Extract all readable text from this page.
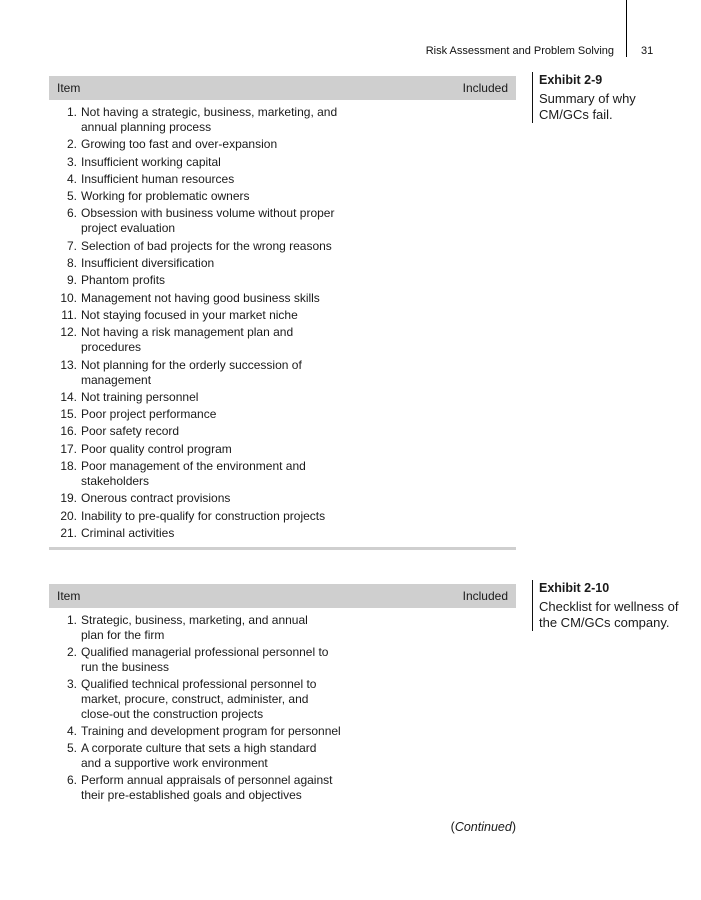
Risk Assessment and Problem Solving 31
Item	Included
1. Not having a strategic, business, marketing, and
annual planning process
2. Growing too fast and over-expansion
3. Insufficient working capital
4. Insufficient human resources
5. Working for problematic owners
6. Obsession with business volume without proper
project evaluation
7. Selection of bad projects for the wrong reasons
8. Insufficient diversification
9. Phantom profits
10. Management not having good business skills
11. Not staying focused in your market niche
12. Not having a risk management plan and
procedures
13. Not planning for the orderly succession of
management
14. Not training personnel
15. Poor project performance
16. Poor safety record
17. Poor quality control program
18. Poor management of the environment and
stakeholders
19. Onerous contract provisions
20. Inability to pre-qualify for construction projects
21. Criminal activities
Exhibit 2-9
Summary of why CM/GCs fail.
Item	Included
1. Strategic, business, marketing, and annual
plan for the firm
2. Qualified managerial professional personnel to
run the business
3. Qualified technical professional personnel to
market, procure, construct, administer, and
close-out the construction projects
4. Training and development program for personnel
5. A corporate culture that sets a high standard
and a supportive work environment
6. Perform annual appraisals of personnel against
their pre-established goals and objectives
Exhibit 2-10
Checklist for wellness of the CM/GCs company.
(Continued)
